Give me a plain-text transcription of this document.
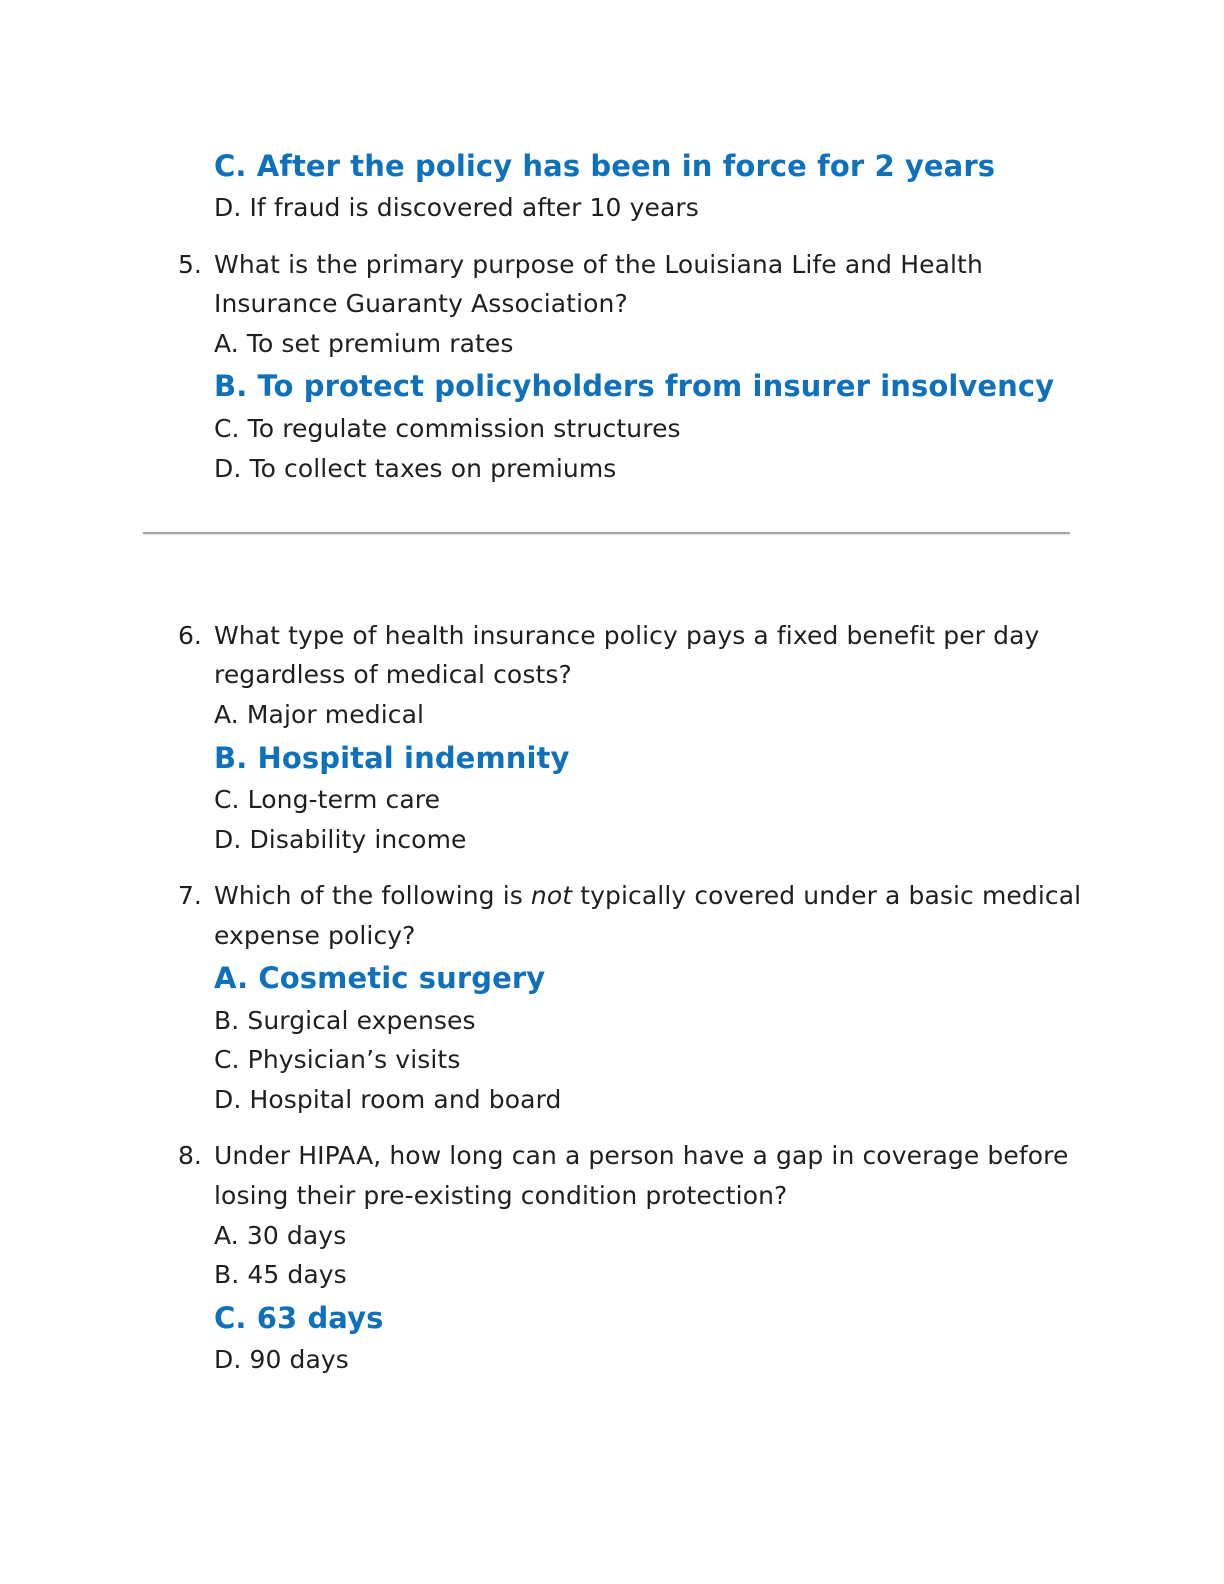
C. After the policy has been in force for 2 years
D. If fraud is discovered after 10 years
5. What is the primary purpose of the Louisiana Life and Health
Insurance Guaranty Association?
A. To set premium rates
B. To protect policyholders from insurer insolvency
C. To regulate commission structures
D. To collect taxes on premiums
6. What type of health insurance policy pays a fixed benefit per day
regardless of medical costs?
A. Major medical
B. Hospital indemnity
C. Long-term care
D. Disability income
7. Which of the following is not typically covered under a basic medical
expense policy?
A. Cosmetic surgery
B. Surgical expenses
C. Physician’s visits
D. Hospital room and board
8. Under HIPAA, how long can a person have a gap in coverage before
losing their pre-existing condition protection?
A. 30 days
B. 45 days
C. 63 days
D. 90 days
